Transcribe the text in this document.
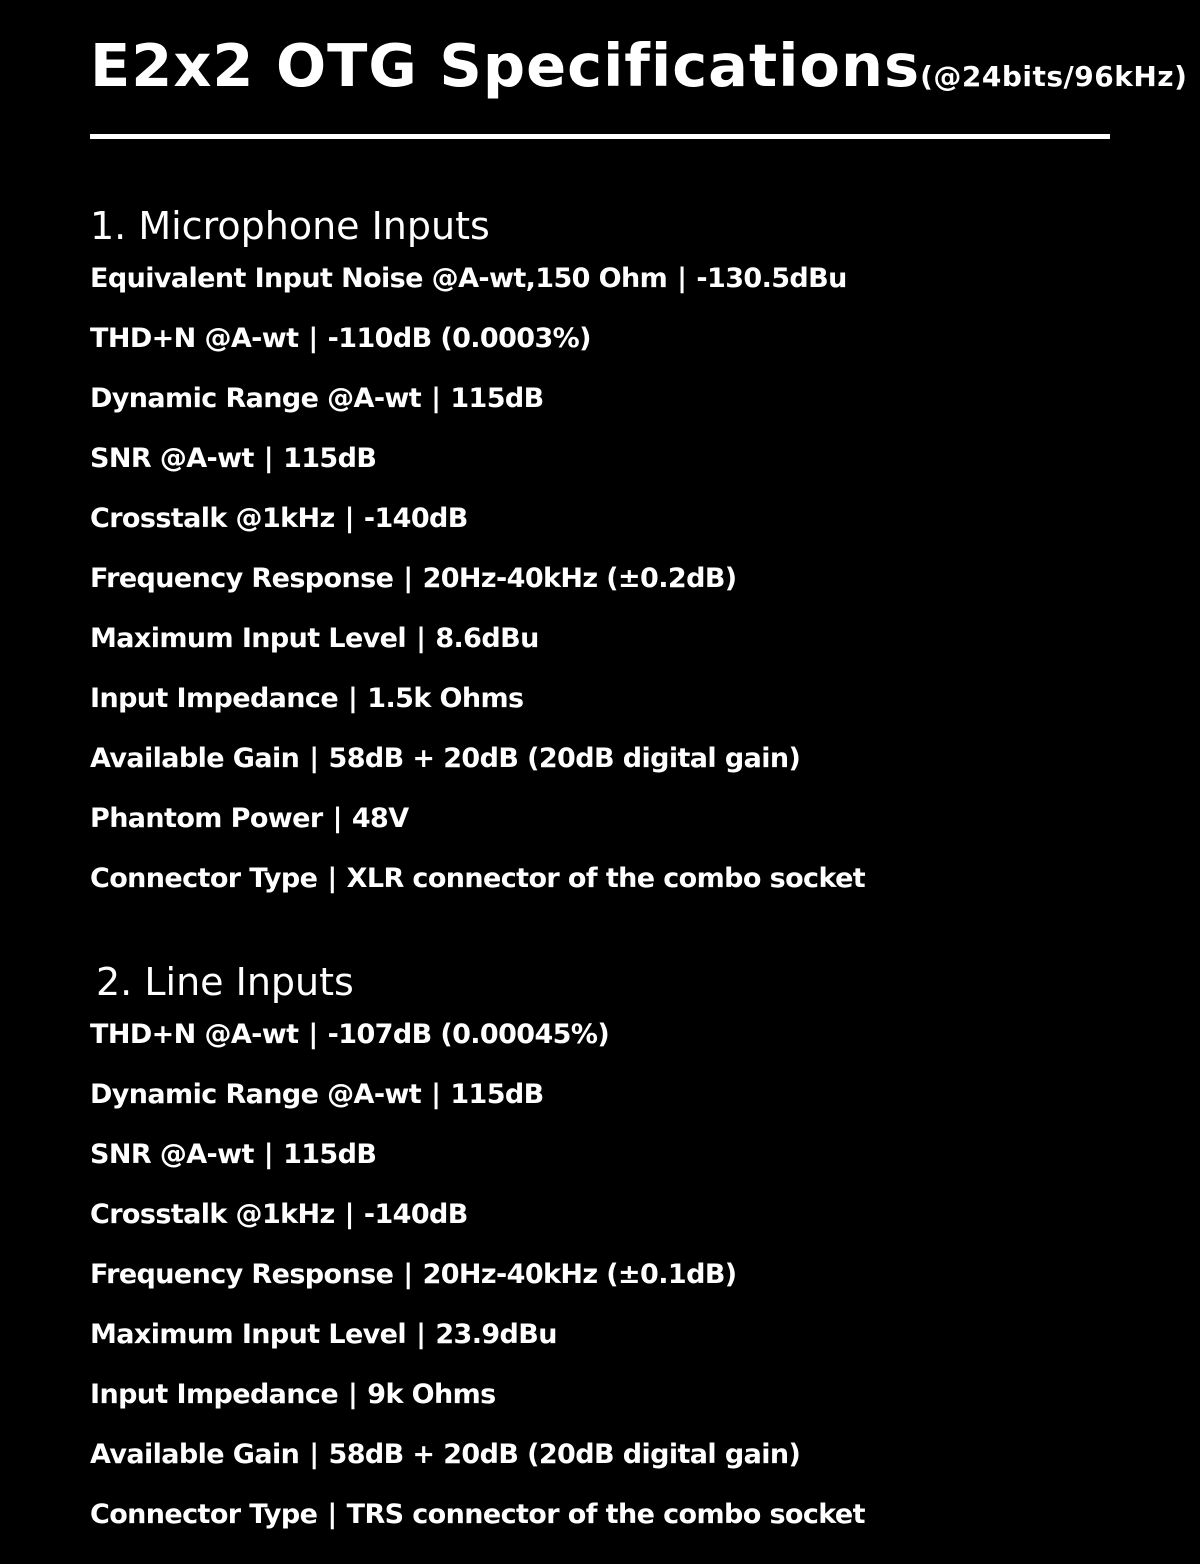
E2x2 OTG Specifications(@24bits/96kHz)
1. Microphone Inputs
Equivalent Input Noise @A-wt,150 Ohm | -130.5dBu
THD+N @A-wt | -110dB (0.0003%)
Dynamic Range @A-wt | 115dB
SNR @A-wt | 115dB
Crosstalk @1kHz | -140dB
Frequency Response | 20Hz-40kHz (±0.2dB)
Maximum Input Level | 8.6dBu
Input Impedance | 1.5k Ohms
Available Gain | 58dB + 20dB (20dB digital gain)
Phantom Power | 48V
Connector Type | XLR connector of the combo socket
2. Line Inputs
THD+N @A-wt | -107dB (0.00045%)
Dynamic Range @A-wt | 115dB
SNR @A-wt | 115dB
Crosstalk @1kHz | -140dB
Frequency Response | 20Hz-40kHz (±0.1dB)
Maximum Input Level | 23.9dBu
Input Impedance | 9k Ohms
Available Gain | 58dB + 20dB (20dB digital gain)
Connector Type | TRS connector of the combo socket
